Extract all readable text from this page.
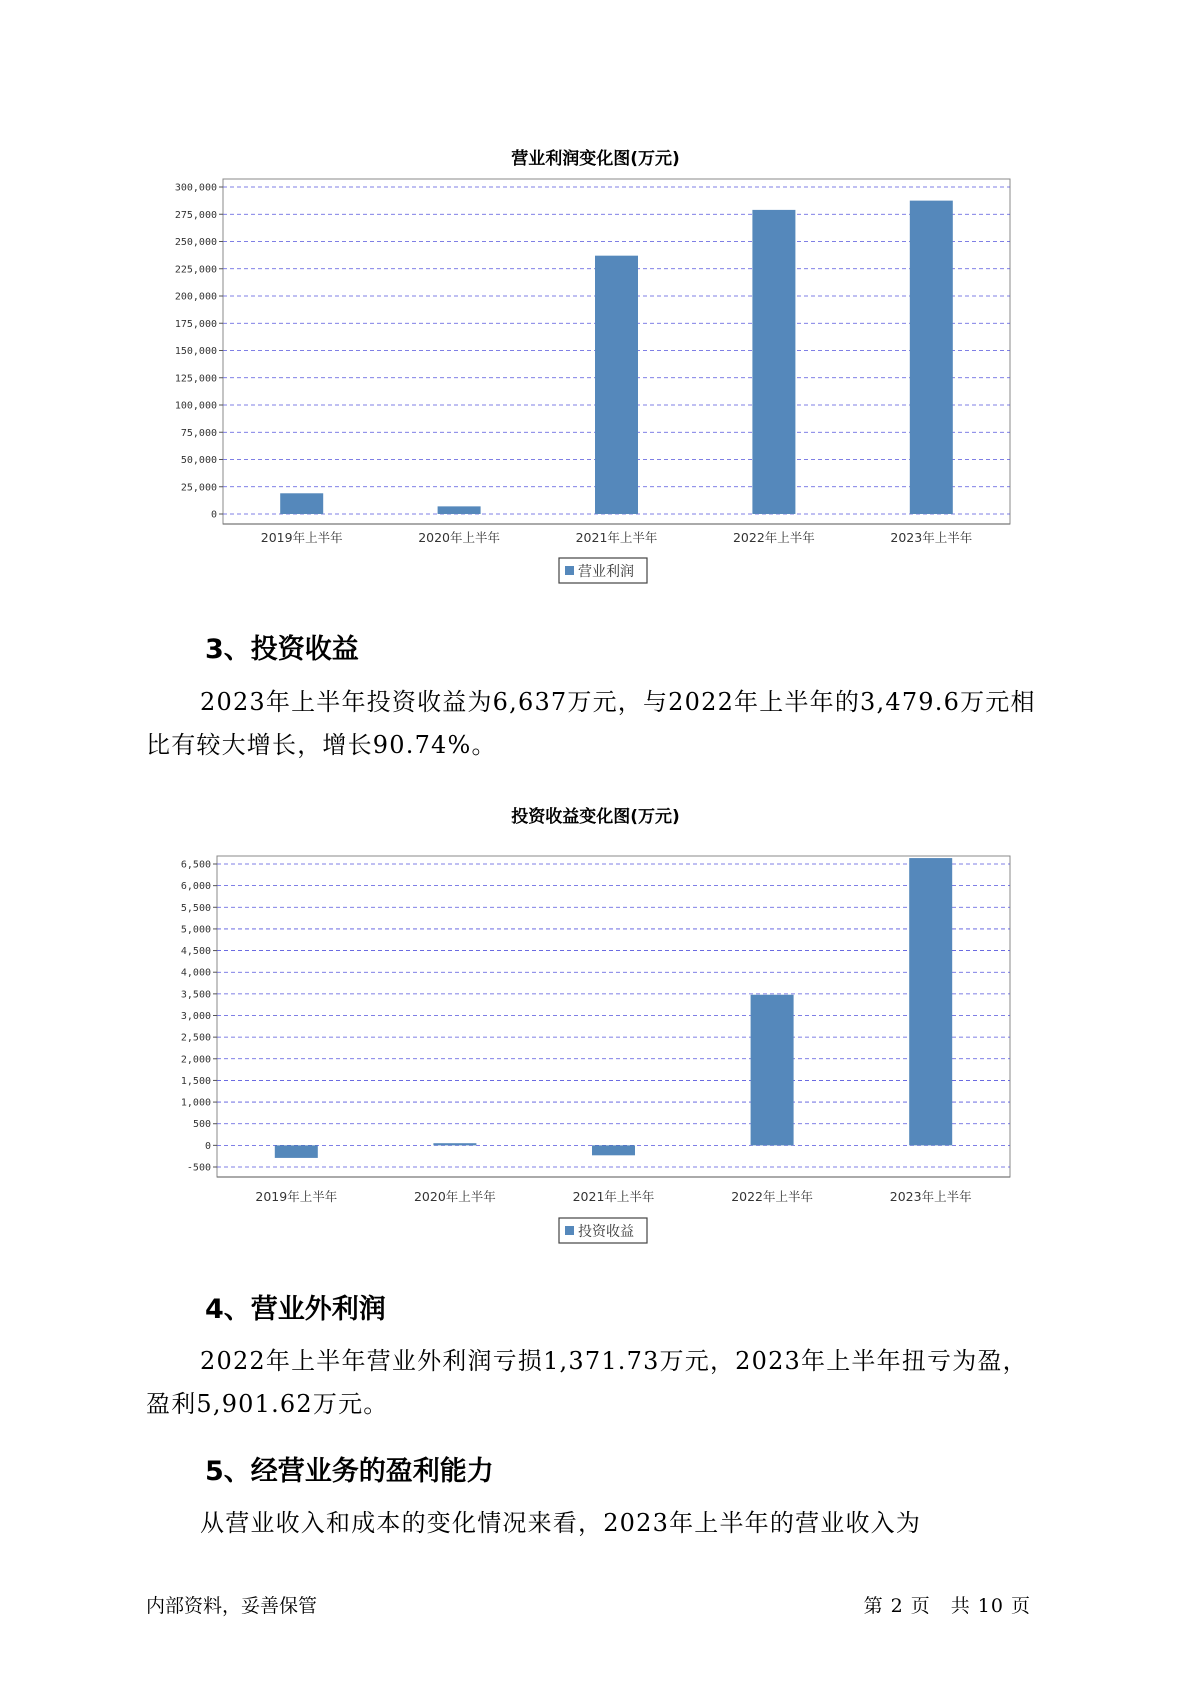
营业利润变化图(万元)
0
25,000
50,000
75,000
100,000
125,000
150,000
175,000
200,000
225,000
250,000
275,000
300,000
2019年上半年	2020年上半年	2021年上半年	2022年上半年	2023年上半年
营业利润
3、投资收益

2023年上半年投资收益为6,637万元，与2022年上半年的3,479.6万元相比有较大增长，增长90.74%。

投资收益变化图(万元)
-500
0
500
1,000
1,500
2,000
2,500
3,000
3,500
4,000
4,500
5,000
5,500
6,000
6,500
2019年上半年	2020年上半年	2021年上半年	2022年上半年	2023年上半年
投资收益
4、营业外利润

2022年上半年营业外利润亏损1,371.73万元，2023年上半年扭亏为盈，盈利5,901.62万元。

5、经营业务的盈利能力

从营业收入和成本的变化情况来看，2023年上半年的营业收入为

内部资料，妥善保管	第 2 页　共 10 页
